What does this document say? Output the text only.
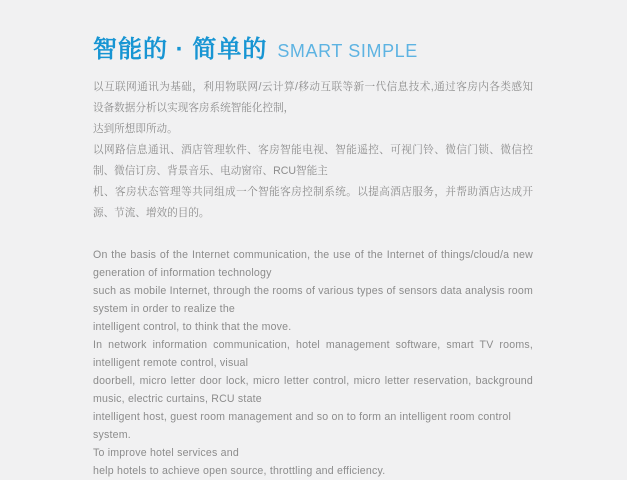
智能的 · 简单的 SMART SIMPLE
以互联网通讯为基础，利用物联网/云计算/移动互联等新一代信息技术,通过客房内各类感知
设备数据分析以实现客房系统智能化控制，
达到所想即所动。
以网路信息通讯、酒店管理软件、客房智能电视、智能遥控、可视门铃、微信门锁、微信控
制、微信订房、背景音乐、电动窗帘、RCU智能主
机、客房状态管理等共同组成一个智能客房控制系统。以提高酒店服务，并帮助酒店达成开
源、节流、增效的目的。
On the basis of the Internet communication, the use of the Internet of things/cloud/a new
generation of information technology
such as mobile Internet, through the rooms of various types of sensors data analysis room
system in order to realize the
intelligent control, to think that the move.
In network information communication, hotel management software, smart TV rooms,
intelligent remote control, visual
doorbell, micro letter door lock, micro letter control, micro letter reservation, background
music, electric curtains, RCU state
intelligent host, guest room management and so on to form an intelligent room control system.
To improve hotel services and
help hotels to achieve open source, throttling and efficiency.
